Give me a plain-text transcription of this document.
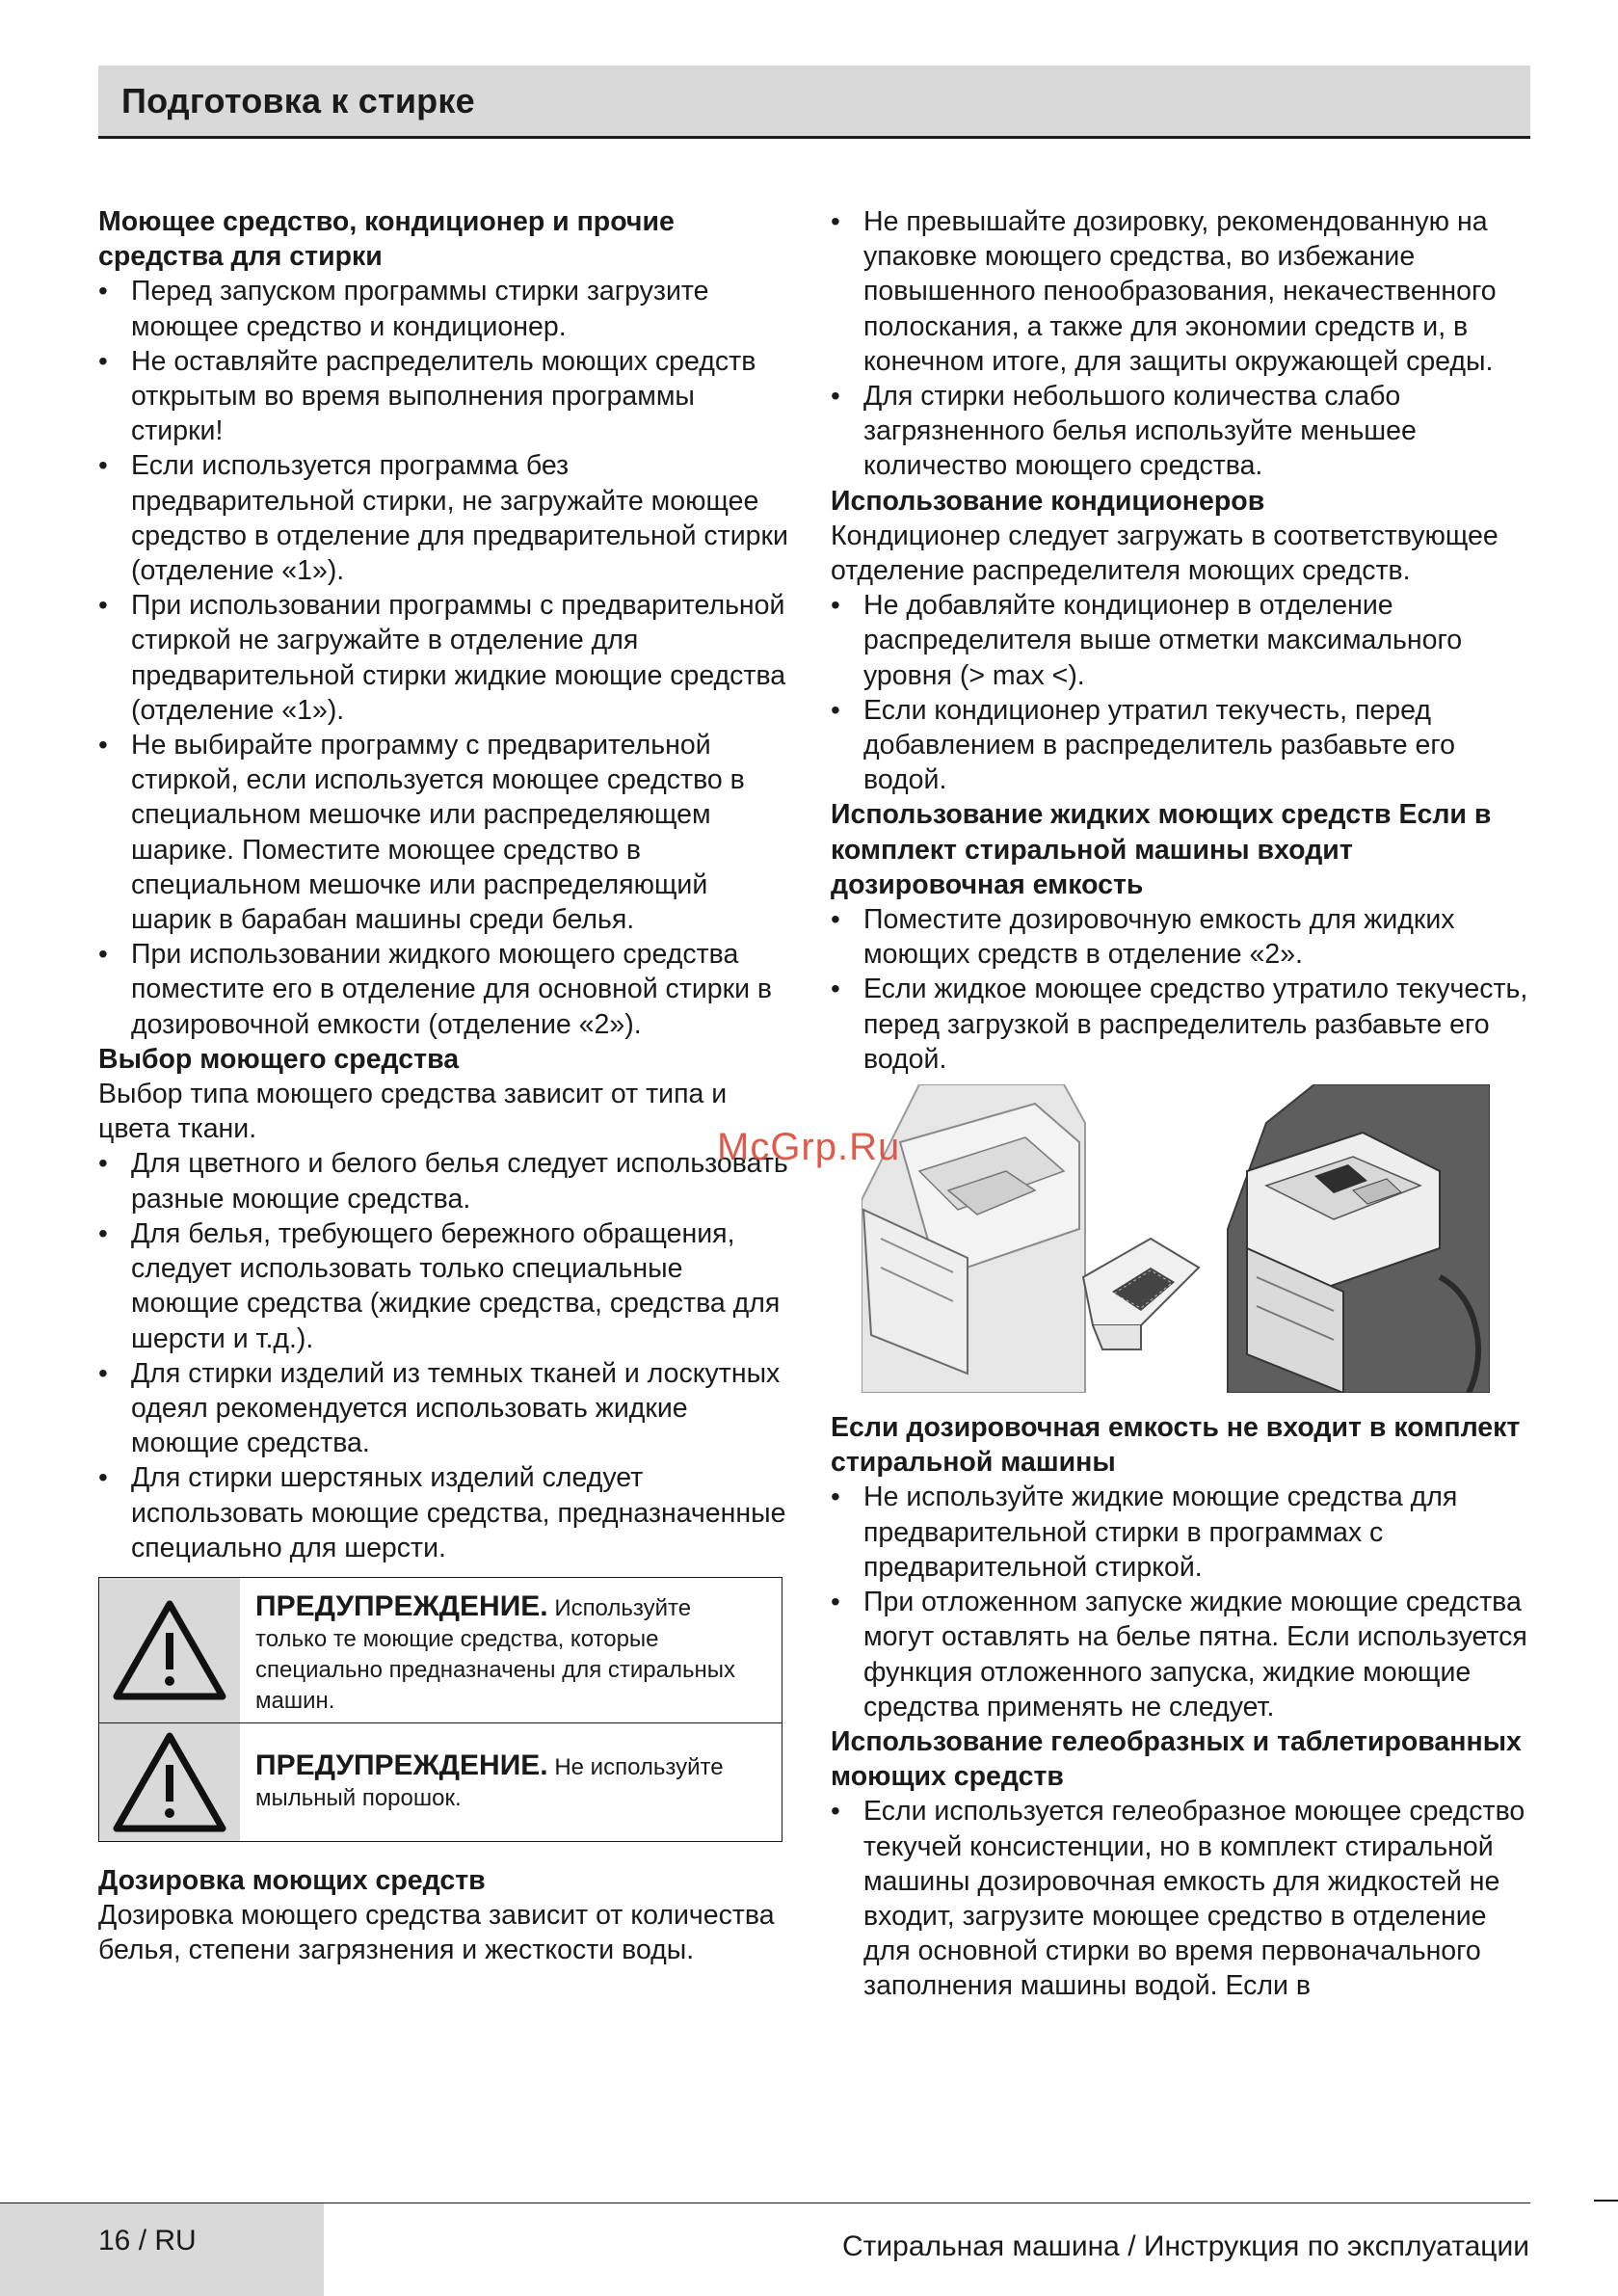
Подготовка к стирке
Моющее средство, кондиционер и прочие средства для стирки
• Перед запуском программы стирки загрузите моющее средство и кондиционер.
• Не оставляйте распределитель моющих средств открытым во время выполнения программы стирки!
• Если используется программа без предварительной стирки, не загружайте моющее средство в отделение для предварительной стирки (отделение «1»).
• При использовании программы с предварительной стиркой не загружайте в отделение для предварительной стирки жидкие моющие средства (отделение «1»).
• Не выбирайте программу с предварительной стиркой, если используется моющее средство в специальном мешочке или распределяющем шарике. Поместите моющее средство в специальном мешочке или распределяющий шарик в барабан машины среди белья.
• При использовании жидкого моющего средства поместите его в отделение для основной стирки в дозировочной емкости (отделение «2»).
Выбор моющего средства
Выбор типа моющего средства зависит от типа и цвета ткани.
• Для цветного и белого белья следует использовать разные моющие средства.
• Для белья, требующего бережного обращения, следует использовать только специальные моющие средства (жидкие средства, средства для шерсти и т.д.).
• Для стирки изделий из темных тканей и лоскутных одеял рекомендуется использовать жидкие моющие средства.
• Для стирки шерстяных изделий следует использовать моющие средства, предназначенные специально для шерсти.
ПРЕДУПРЕЖДЕНИЕ. Используйте только те моющие средства, которые специально предназначены для стиральных машин.
ПРЕДУПРЕЖДЕНИЕ. Не используйте мыльный порошок.
Дозировка моющих средств
Дозировка моющего средства зависит от количества белья, степени загрязнения и жесткости воды.
• Не превышайте дозировку, рекомендованную на упаковке моющего средства, во избежание повышенного пенообразования, некачественного полоскания, а также для экономии средств и, в конечном итоге, для защиты окружающей среды.
• Для стирки небольшого количества слабо загрязненного белья используйте меньшее количество моющего средства.
Использование кондиционеров
Кондиционер следует загружать в соответствующее отделение распределителя моющих средств.
• Не добавляйте кондиционер в отделение распределителя выше отметки максимального уровня (> max <).
• Если кондиционер утратил текучесть, перед добавлением в распределитель разбавьте его водой.
Использование жидких моющих средств Если в комплект стиральной машины входит дозировочная емкость
• Поместите дозировочную емкость для жидких моющих средств в отделение «2».
• Если жидкое моющее средство утратило текучесть, перед загрузкой в распределитель разбавьте его водой.
Если дозировочная емкость не входит в комплект стиральной машины
• Не используйте жидкие моющие средства для предварительной стирки в программах с предварительной стиркой.
• При отложенном запуске жидкие моющие средства могут оставлять на белье пятна. Если используется функция отложенного запуска, жидкие моющие средства применять не следует.
Использование гелеобразных и таблетированных моющих средств
• Если используется гелеобразное моющее средство текучей консистенции, но в комплект стиральной машины дозировочная емкость для жидкостей не входит, загрузите моющее средство в отделение для основной стирки во время первоначального заполнения машины водой. Если в
McGrp.Ru
16 / RU	Стиральная машина / Инструкция по эксплуатации
